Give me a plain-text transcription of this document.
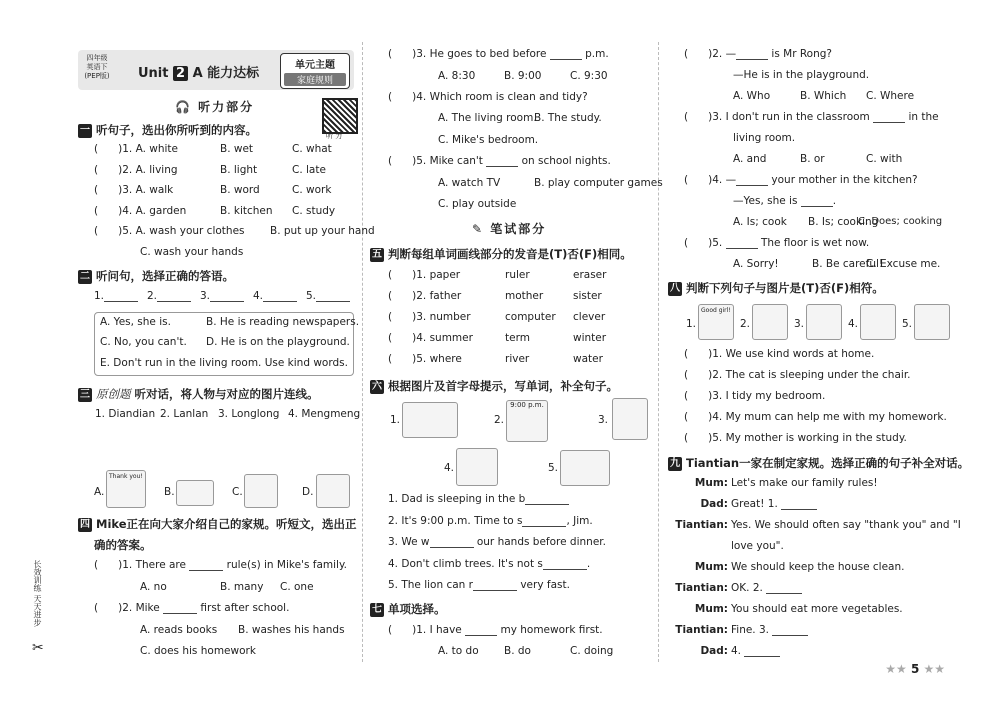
四年级
英语下
(PEP版) Unit 2 A 能力达标
单元主题
家庭规则
🎧 听力部分
听 力
一 听句子，选出你所听到的内容。
( )1. A. white	B. wet	C. what
( )2. A. living	B. light	C. late
( )3. A. walk	B. word	C. work
( )4. A. garden	B. kitchen C. study
( )5. A. wash your clothes B. put up your hand
C. wash your hands
二 听问句，选择正确的答语。
1.	2.	3.	4.	5.
A. Yes, she is.	B. He is reading newspapers.
C. No, you can't. D. He is on the playground.
E. Don't run in the living room. Use kind words.
三 原创题 听对话，将人物与对应的图片连线。
1. Diandian 2. Lanlan 3. Longlong 4. Mengmeng
A.
Thank you!
B.	C.	D.
四 Mike正在向大家介绍自己的家规。听短文，选出正
确的答案。
( )1. There are	rule(s) in Mike's family.
A. no	B. many C. one
( )2. Mike	first after school.
A. reads books B. washes his hands
C. does his homework
长效训练 天天进步
✂
( )3. He goes to bed before	p.m.
A. 8:30	B. 9:00	C. 9:30
( )4. Which room is clean and tidy?
A. The living room.
B. The study.
C. Mike's bedroom.
( )5. Mike can't	on school nights.
A. watch TV	B. play computer games
C. play outside
✎ 笔试部分
五 判断每组单词画线部分的发音是(T)否(F)相同。
( )1. paper	ruler	eraser
( )2. father	mother	sister
( )3. number	computer clever
( )4. summer	term	winter
( )5. where	river	water
六 根据图片及首字母提示，写单词，补全句子。
1.	2.
9:00 p.m.
3.
4.	5.
1. Dad is sleeping in the b
2. It's 9:00 p.m. Time to s	, Jim.
3. We w	our hands before dinner.
4. Don't climb trees. It's not s	.
5. The lion can r	very fast.
七 单项选择。
( )1. I have	my homework first.
A. to do B. do	C. doing
( )2. —	is Mr Rong?
—He is in the playground.
A. Who	B. Which C. Where
( )3. I don't run in the classroom	in the
living room.
A. and	B. or	C. with
( )4. —	your mother in the kitchen?
—Yes, she is	.
A. Is; cook B. Is; cooking
C. Does; cooking
( )5.	The floor is wet now.
A. Sorry!	B. Be careful!
C. Excuse me.
八 判断下列句子与图片是(T)否(F)相符。
1.
Good girl!
2.	3.	4.	5.
( )1. We use kind words at home.
( )2. The cat is sleeping under the chair.
( )3. I tidy my bedroom.
( )4. My mum can help me with my homework.
( )5. My mother is working in the study.
九 Tiantian一家在制定家规。选择正确的句子补全对话。
Mum: Let's make our family rules!
Dad: Great! 1.
Tiantian: Yes. We should often say "thank you" and "I
love you".
Mum: We should keep the house clean.
Tiantian: OK. 2.
Mum: You should eat more vegetables.
Tiantian: Fine. 3.
Dad: 4.
★★ 5 ★★
